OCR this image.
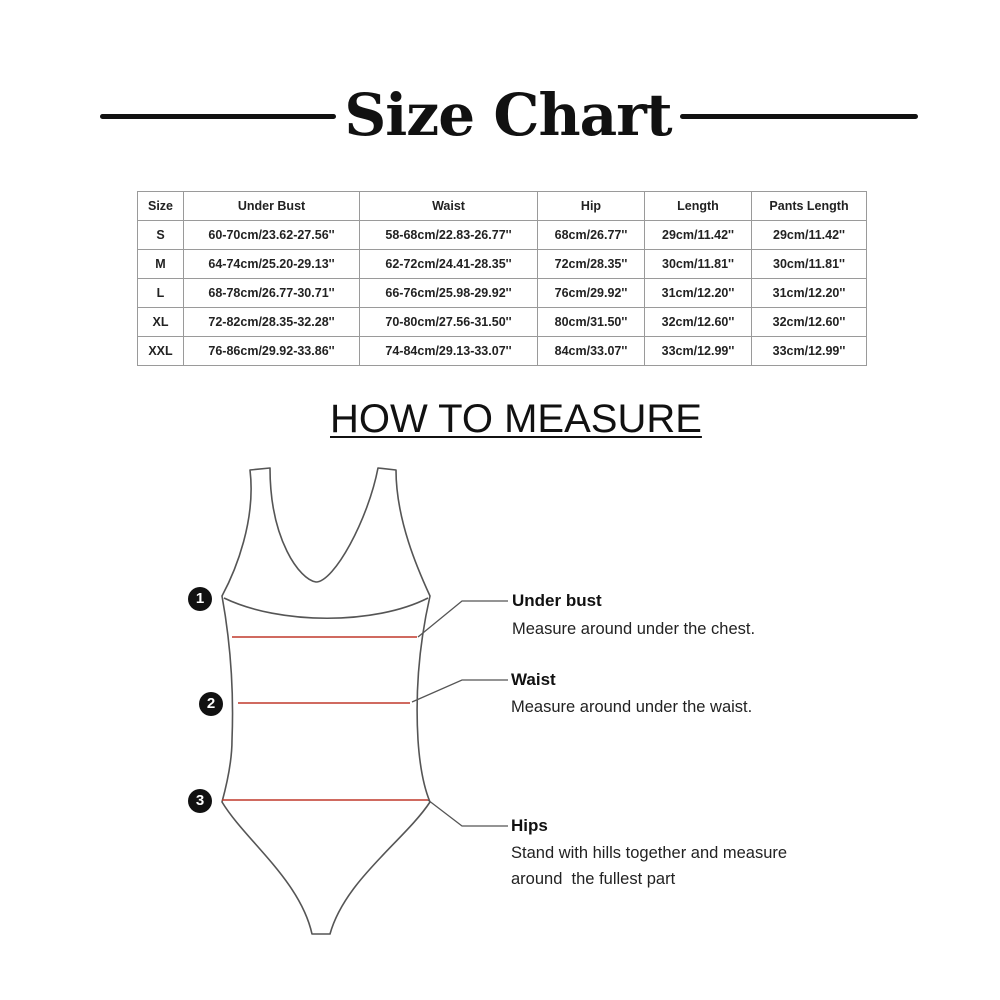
Size Chart
Size	Under Bust	Waist	Hip	Length	Pants Length
S	60-70cm/23.62-27.56''	58-68cm/22.83-26.77''	68cm/26.77''	29cm/11.42''	29cm/11.42''
M	64-74cm/25.20-29.13''	62-72cm/24.41-28.35''	72cm/28.35''	30cm/11.81''	30cm/11.81''
L	68-78cm/26.77-30.71''	66-76cm/25.98-29.92''	76cm/29.92''	31cm/12.20''	31cm/12.20''
XL	72-82cm/28.35-32.28''	70-80cm/27.56-31.50''	80cm/31.50''	32cm/12.60''	32cm/12.60''
XXL	76-86cm/29.92-33.86''	74-84cm/29.13-33.07''	84cm/33.07''	33cm/12.99''	33cm/12.99''
HOW TO MEASURE
1
2
3
Under bust
Measure around under the chest.
Waist
Measure around under the waist.
Hips
Stand with hills together and measure
around  the fullest part
